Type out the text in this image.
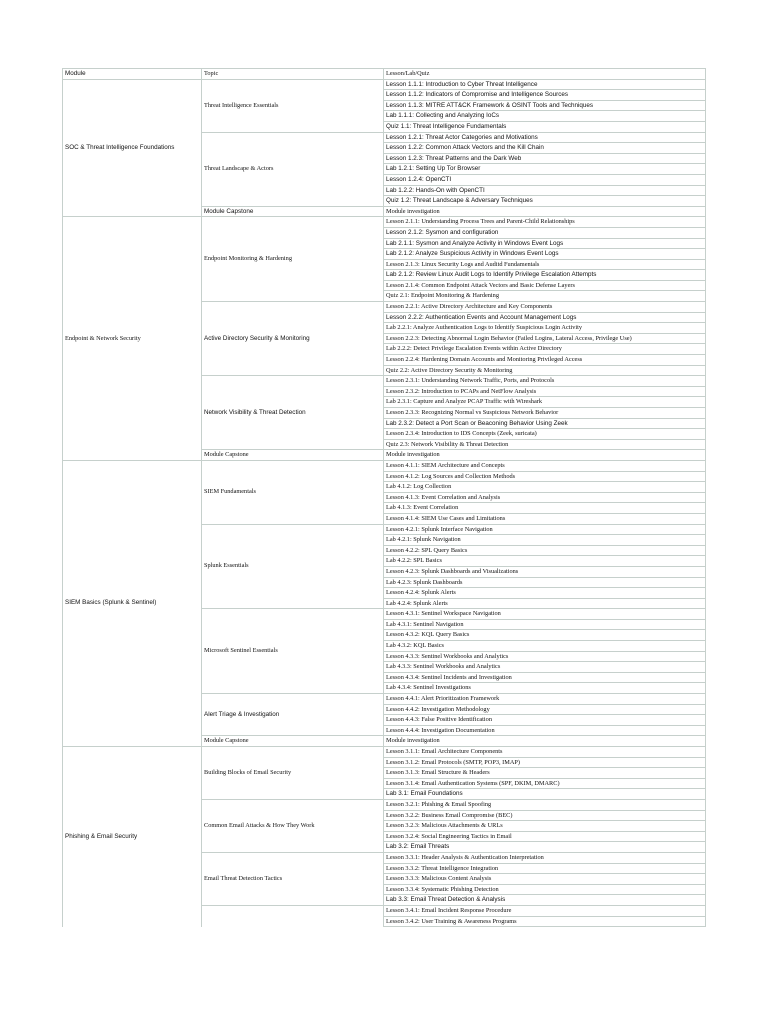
Module	Topic	Lesson/Lab/Quiz
SOC & Threat Intelligence Foundations	Threat Intelligence Essentials	Lesson 1.1.1: Introduction to Cyber Threat Intelligence
		Lesson 1.1.2: Indicators of Compromise and Intelligence Sources
		Lesson 1.1.3: MITRE ATT&CK Framework & OSINT Tools and Techniques
		Lab 1.1.1: Collecting and Analyzing IoCs
		Quiz 1.1: Threat Intelligence Fundamentals
	Threat Landscape & Actors	Lesson 1.2.1: Threat Actor Categories and Motivations
		Lesson 1.2.2: Common Attack Vectors and the Kill Chain
		Lesson 1.2.3: Threat Patterns and the Dark Web
		Lab 1.2.1: Setting Up Tor Browser
		Lesson 1.2.4: OpenCTI
		Lab 1.2.2: Hands-On with OpenCTI
		Quiz 1.2: Threat Landscape & Adversary Techniques
	Module Capstone	Module investigation
Endpoint & Network Security	Endpoint Monitoring & Hardening	Lesson 2.1.1: Understanding Process Trees and Parent-Child Relationships
		Lesson 2.1.2: Sysmon and configuration
		Lab 2.1.1: Sysmon and Analyze Activity in Windows Event Logs
		Lab 2.1.2: Analyze Suspicious Activity in Windows Event Logs
		Lesson 2.1.3: Linux Security Logs and Auditd Fundamentals
		Lab 2.1.2: Review Linux Audit Logs to Identify Privilege Escalation Attempts
		Lesson 2.1.4: Common Endpoint Attack Vectors and Basic Defense Layers
		Quiz 2.1: Endpoint Monitoring & Hardening
	Active Directory Security & Monitoring	Lesson 2.2.1: Active Directory Architecture and Key Components
		Lesson 2.2.2: Authentication Events and Account Management Logs
		Lab 2.2.1: Analyze Authentication Logs to Identify Suspicious Login Activity
		Lesson 2.2.3: Detecting Abnormal Login Behavior (Failed Logins, Lateral Access, Privilege Use)
		Lab 2.2.2: Detect Privilege Escalation Events within Active Directory
		Lesson 2.2.4: Hardening Domain Accounts and Monitoring Privileged Access
		Quiz 2.2: Active Directory Security & Monitoring
	Network Visibility & Threat Detection	Lesson 2.3.1: Understanding Network Traffic, Ports, and Protocols
		Lesson 2.3.2: Introduction to PCAPs and NetFlow Analysis
		Lab 2.3.1: Capture and Analyze PCAP Traffic with Wireshark
		Lesson 2.3.3: Recognizing Normal vs Suspicious Network Behavior
		Lab 2.3.2: Detect a Port Scan or Beaconing Behavior Using Zeek
		Lesson 2.3.4: Introduction to IDS Concepts (Zeek, suricata)
		Quiz 2.3: Network Visibility & Threat Detection
	Module Capstone	Module investigation
SIEM Basics (Splunk & Sentinel)	SIEM Fundamentals	Lesson 4.1.1: SIEM Architecture and Concepts
		Lesson 4.1.2: Log Sources and Collection Methods
		Lab 4.1.2: Log Collection
		Lesson 4.1.3: Event Correlation and Analysis
		Lab 4.1.3: Event Correlation
		Lesson 4.1.4: SIEM Use Cases and Limitations
	Splunk Essentials	Lesson 4.2.1: Splunk Interface Navigation
		Lab 4.2.1: Splunk Navigation
		Lesson 4.2.2: SPL Query Basics
		Lab 4.2.2: SPL Basics
		Lesson 4.2.3: Splunk Dashboards and Visualizations
		Lab 4.2.3: Splunk Dashboards
		Lesson 4.2.4: Splunk Alerts
		Lab 4.2.4: Splunk Alerts
	Microsoft Sentinel Essentials	Lesson 4.3.1: Sentinel Workspace Navigation
		Lab 4.3.1: Sentinel Navigation
		Lesson 4.3.2: KQL Query Basics
		Lab 4.3.2: KQL Basics
		Lesson 4.3.3: Sentinel Workbooks and Analytics
		Lab 4.3.3: Sentinel Workbooks and Analytics
		Lesson 4.3.4: Sentinel Incidents and Investigation
		Lab 4.3.4: Sentinel Investigations
	Alert Triage & Investigation	Lesson 4.4.1: Alert Prioritization Framework
		Lesson 4.4.2: Investigation Methodology
		Lesson 4.4.3: False Positive Identification
		Lesson 4.4.4: Investigation Documentation
	Module Capstone	Module investigation
Phishing & Email Security	Building Blocks of Email Security	Lesson 3.1.1: Email Architecture Components
		Lesson 3.1.2: Email Protocols (SMTP, POP3, IMAP)
		Lesson 3.1.3: Email Structure & Headers
		Lesson 3.1.4: Email Authentication Systems (SPF, DKIM, DMARC)
		Lab 3.1: Email Foundations
	Common Email Attacks & How They Work	Lesson 3.2.1: Phishing & Email Spoofing
		Lesson 3.2.2: Business Email Compromise (BEC)
		Lesson 3.2.3: Malicious Attachments & URLs
		Lesson 3.2.4: Social Engineering Tactics in Email
		Lab 3.2: Email Threats
	Email Threat Detection Tactics	Lesson 3.3.1: Header Analysis & Authentication Interpretation
		Lesson 3.3.2: Threat Intelligence Integration
		Lesson 3.3.3: Malicious Content Analysis
		Lesson 3.3.4: Systematic Phishing Detection
		Lab 3.3: Email Threat Detection & Analysis
		Lesson 3.4.1: Email Incident Response Procedure
		Lesson 3.4.2: User Training & Awareness Programs
